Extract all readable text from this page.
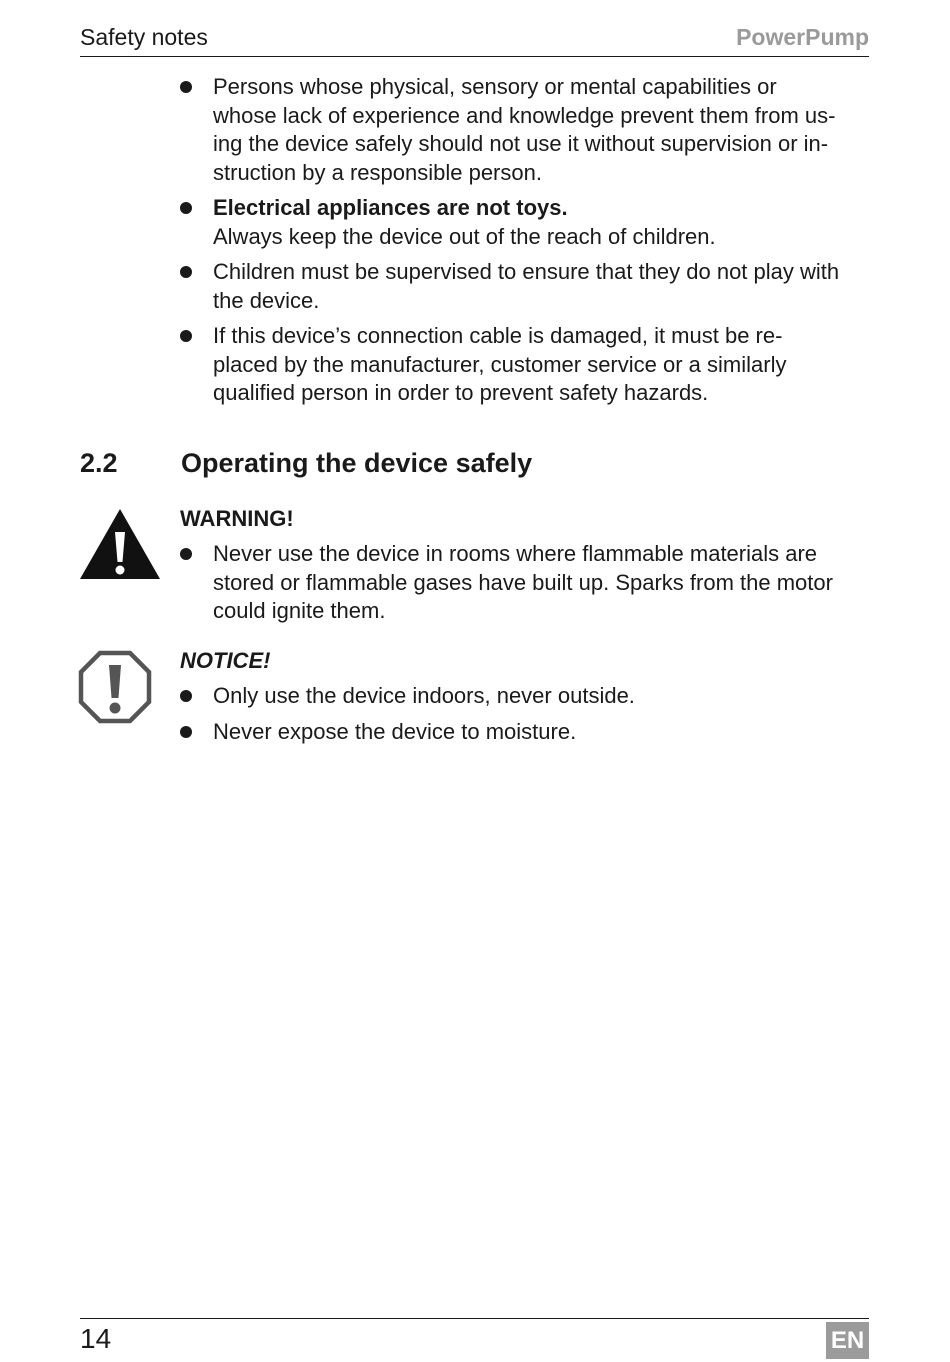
Safety notes	PowerPump
Persons whose physical, sensory or mental capabilities or
whose lack of experience and knowledge prevent them from us-
ing the device safely should not use it without supervision or in-
struction by a responsible person.
Electrical appliances are not toys.
Always keep the device out of the reach of children.
Children must be supervised to ensure that they do not play with
the device.
If this device’s connection cable is damaged, it must be re-
placed by the manufacturer, customer service or a similarly
qualified person in order to prevent safety hazards.
2.2 Operating the device safely
WARNING!
Never use the device in rooms where flammable materials are
stored or flammable gases have built up. Sparks from the motor
could ignite them.
NOTICE!
Only use the device indoors, never outside.
Never expose the device to moisture.
14	EN
